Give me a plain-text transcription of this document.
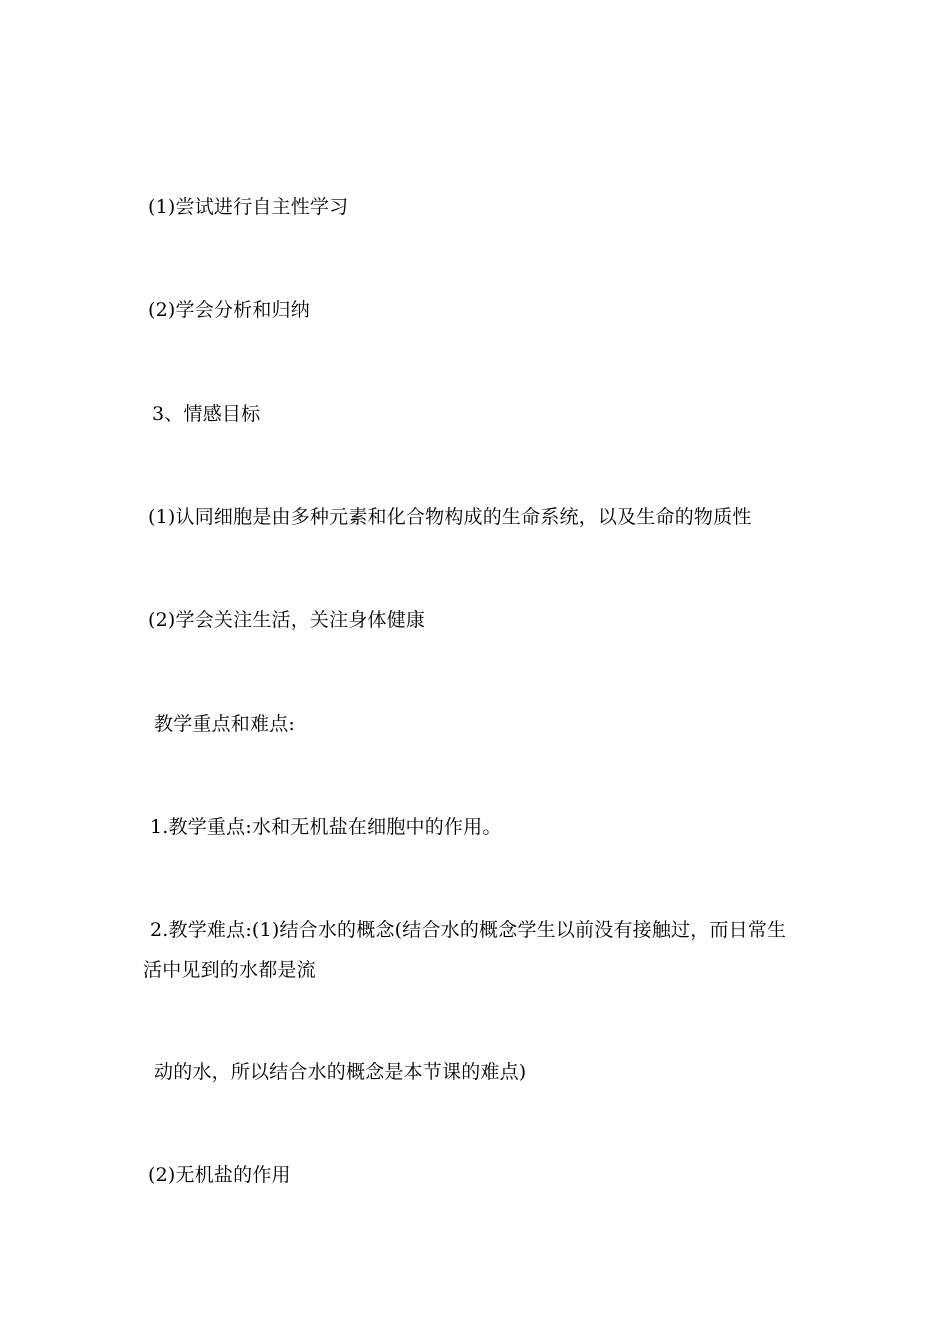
(1)尝试进行自主性学习
(2)学会分析和归纳
3、情感目标
(1)认同细胞是由多种元素和化合物构成的生命系统，以及生命的物质性
(2)学会关注生活，关注身体健康
教学重点和难点:
1.教学重点:水和无机盐在细胞中的作用。
2.教学难点:(1)结合水的概念(结合水的概念学生以前没有接触过，而日常生
活中见到的水都是流
动的水，所以结合水的概念是本节课的难点)
(2)无机盐的作用
